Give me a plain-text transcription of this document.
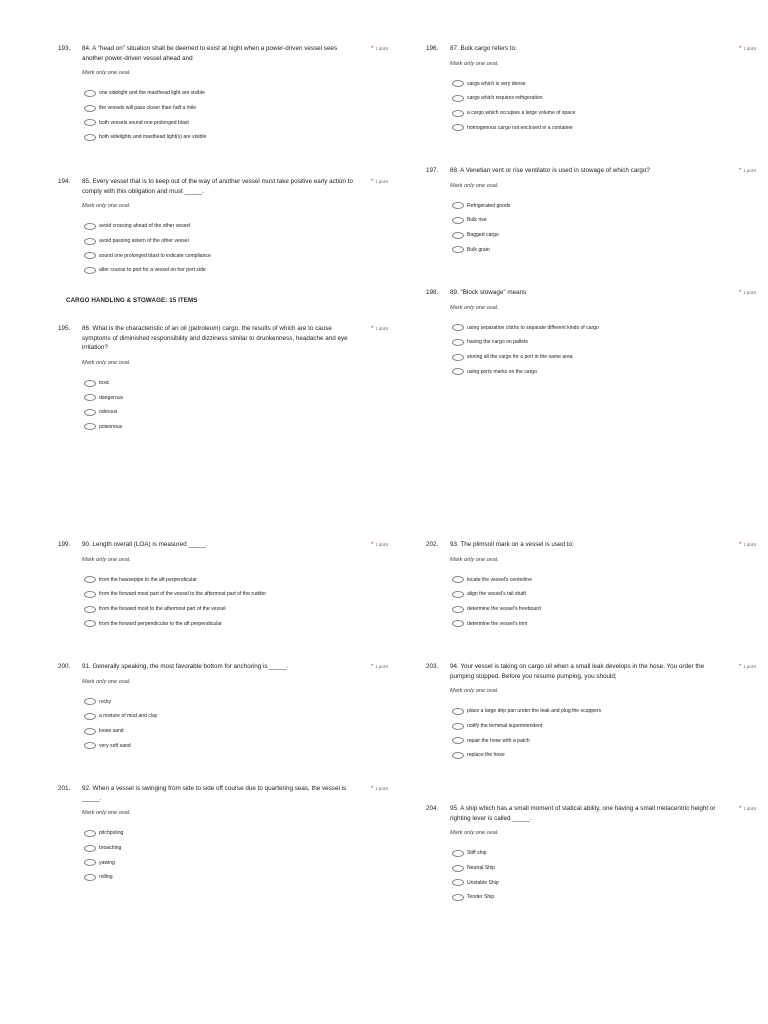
193.	84. A "head on" situation shall be deemed to exist at night when a power-driven vessel sees another power-driven vessel ahead and
* 1 point
Mark only one oval.
one sidelight and the masthead light are visible
the vessels will pass closer than half a mile
both vessels sound one prolonged blast
both sidelights and masthead light(s) are visible
194.	85. Every vessel that is to keep out of the way of another vessel must take positive early action to comply with this obligation and must _____.
* 1 point
Mark only one oval.
avoid crossing ahead of the other vessel
avoid passing astern of the other vessel
sound one prolonged blast to indicate compliance
alter course to port for a vessel on her port side
195.	86. What is the characteristic of an oil (petroleum) cargo, the results of which are to cause symptoms of diminished responsibility and dizziness similar to drunkenness, headache and eye irritation?
* 1 point
Mark only one oval.
toxic
dangerous
odorous
poisonous
196.	87. Bulk cargo refers to:	* 1 point
Mark only one oval.
cargo which is very dense
cargo which requires refrigeration
a cargo which occupies a large volume of space
homogenous cargo not enclosed in a container
197.	88. A Venetian vent or rise ventilator is used in stowage of which cargo?	* 1 point
Mark only one oval.
Refrigerated goods
Bulk rise
Bagged cargo
Bulk grain
198.	89. "Block stowage" means	* 1 point
Mark only one oval.
using separation cloths to separate different kinds of cargo
having the cargo on pallets
storing all the cargo for a port in the same area
using ports marks on the cargo
199.	90. Length overall (LOA) is measured _____.	* 1 point
Mark only one oval.
from the hawsepipe to the aft perpendicular
from the forward most part of the vessel to the aftermost part of the rudder
from the forward most to the aftermost part of the vessel
from the forward perpendicular to the aft perpendicular
200.	91. Generally speaking, the most favorable bottom for anchoring is _____.	* 1 point
Mark only one oval.
rocky
a mixture of mud and clay
loose sand
very soft sand
201.	92. When a vessel is swinging from side to side off course due to quartering seas, the vessel is _____.
* 1 point
Mark only one oval.
pitchpoling
broaching
yawing
rolling
202.	93. The plimsoll mark on a vessel is used to;	* 1 point
Mark only one oval.
locate the vessel's centerline
align the vessel's tail shaft
determine the vessel's freeboard
determine the vessel's trim
203.	94. Your vessel is taking on cargo oil when a small leak develops in the hose. You order the pumping stopped. Before you resume pumping, you should;
* 1 point
Mark only one oval.
place a large drip pan under the leak and plug the scuppers
notify the terminal superintendent
repair the hose with a patch
replace the hose
204.	95. A ship which has a small moment of statical ability, one having a small metacentric height or righting lever is called _____.
* 1 point
Mark only one oval.
Stiff ship
Neutral Ship
Unstable Ship
Tender Ship
CARGO HANDLING & STOWAGE: 15 ITEMS
